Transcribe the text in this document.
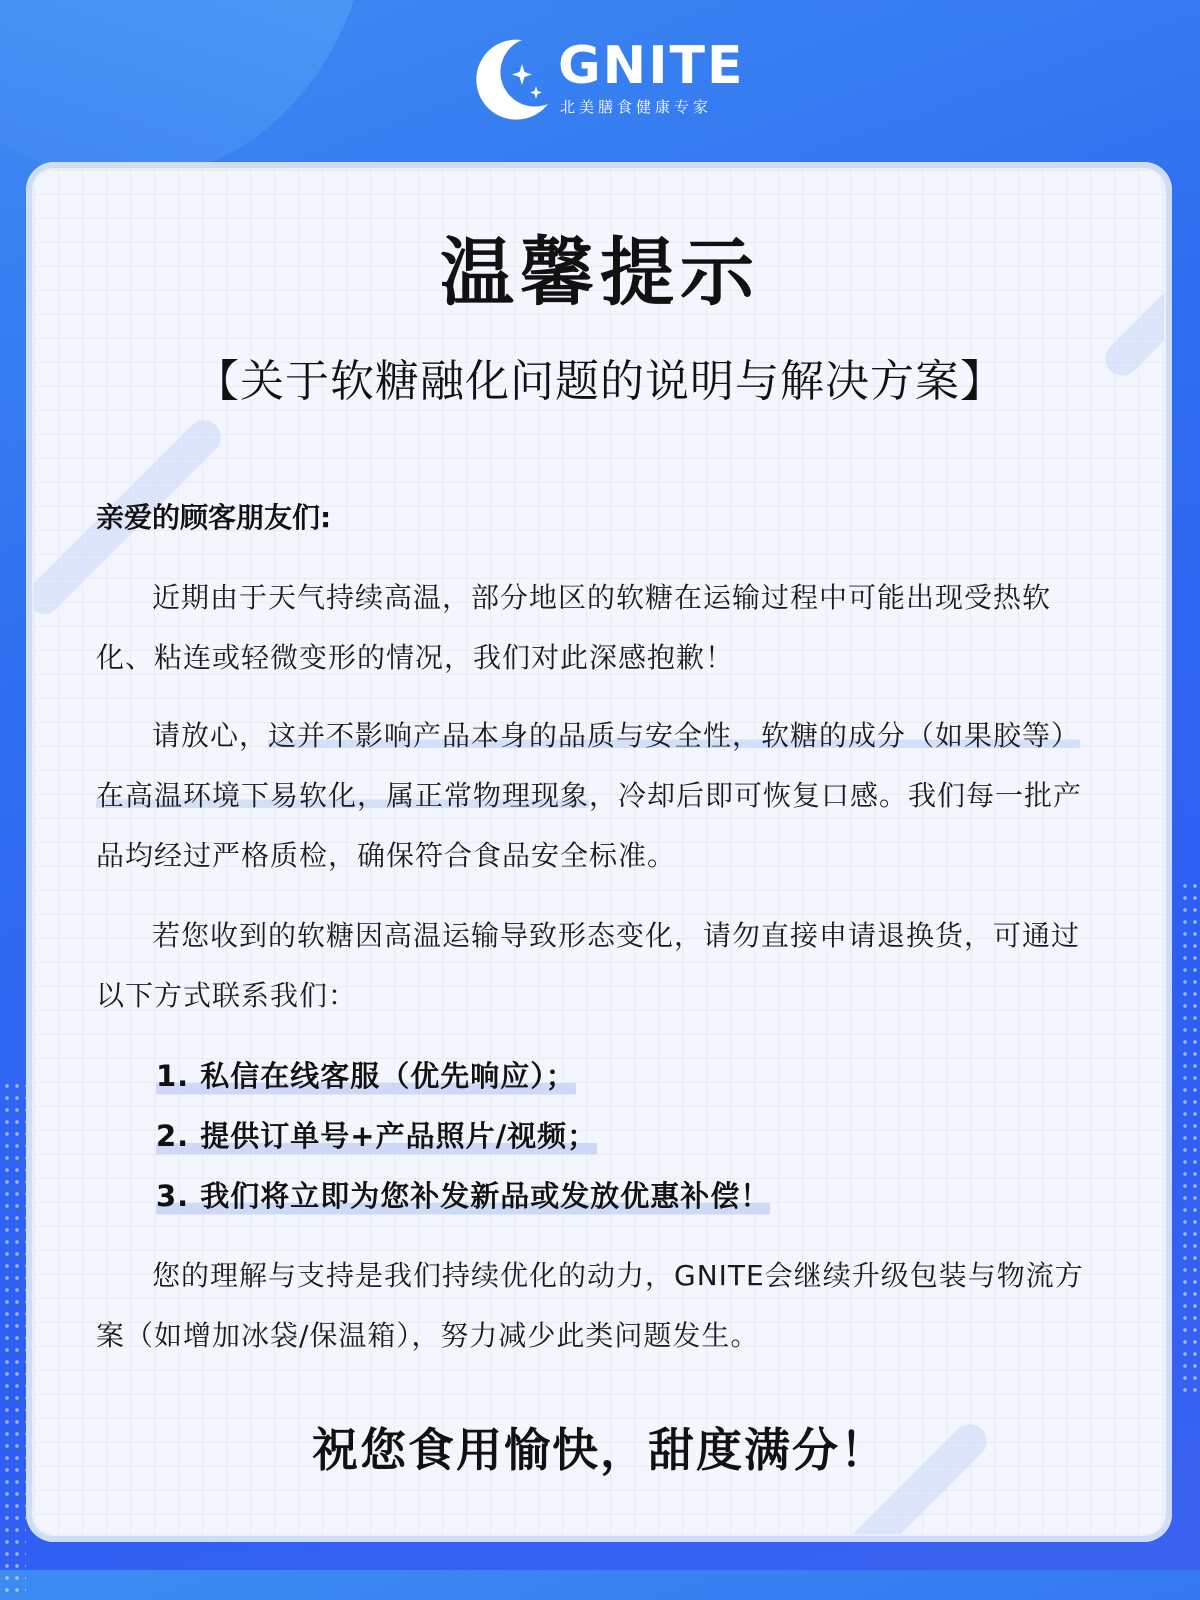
GNITE
北美膳食健康专家
温馨提示
【关于软糖融化问题的说明与解决方案】
亲爱的顾客朋友们:

近期由于天气持续高温，部分地区的软糖在运输过程中可能出现受热软化、粘连或轻微变形的情况，我们对此深感抱歉！

请放心，这并不影响产品本身的品质与安全性，软糖的成分（如果胶等）在高温环境下易软化，属正常物理现象，冷却后即可恢复口感。我们每一批产品均经过严格质检，确保符合食品安全标准。

若您收到的软糖因高温运输导致形态变化，请勿直接申请退换货，可通过以下方式联系我们：

1. 私信在线客服（优先响应）；
2. 提供订单号+产品照片/视频；
3. 我们将立即为您补发新品或发放优惠补偿！

您的理解与支持是我们持续优化的动力，GNITE会继续升级包装与物流方案（如增加冰袋/保温箱），努力减少此类问题发生。

祝您食用愉快，甜度满分！
